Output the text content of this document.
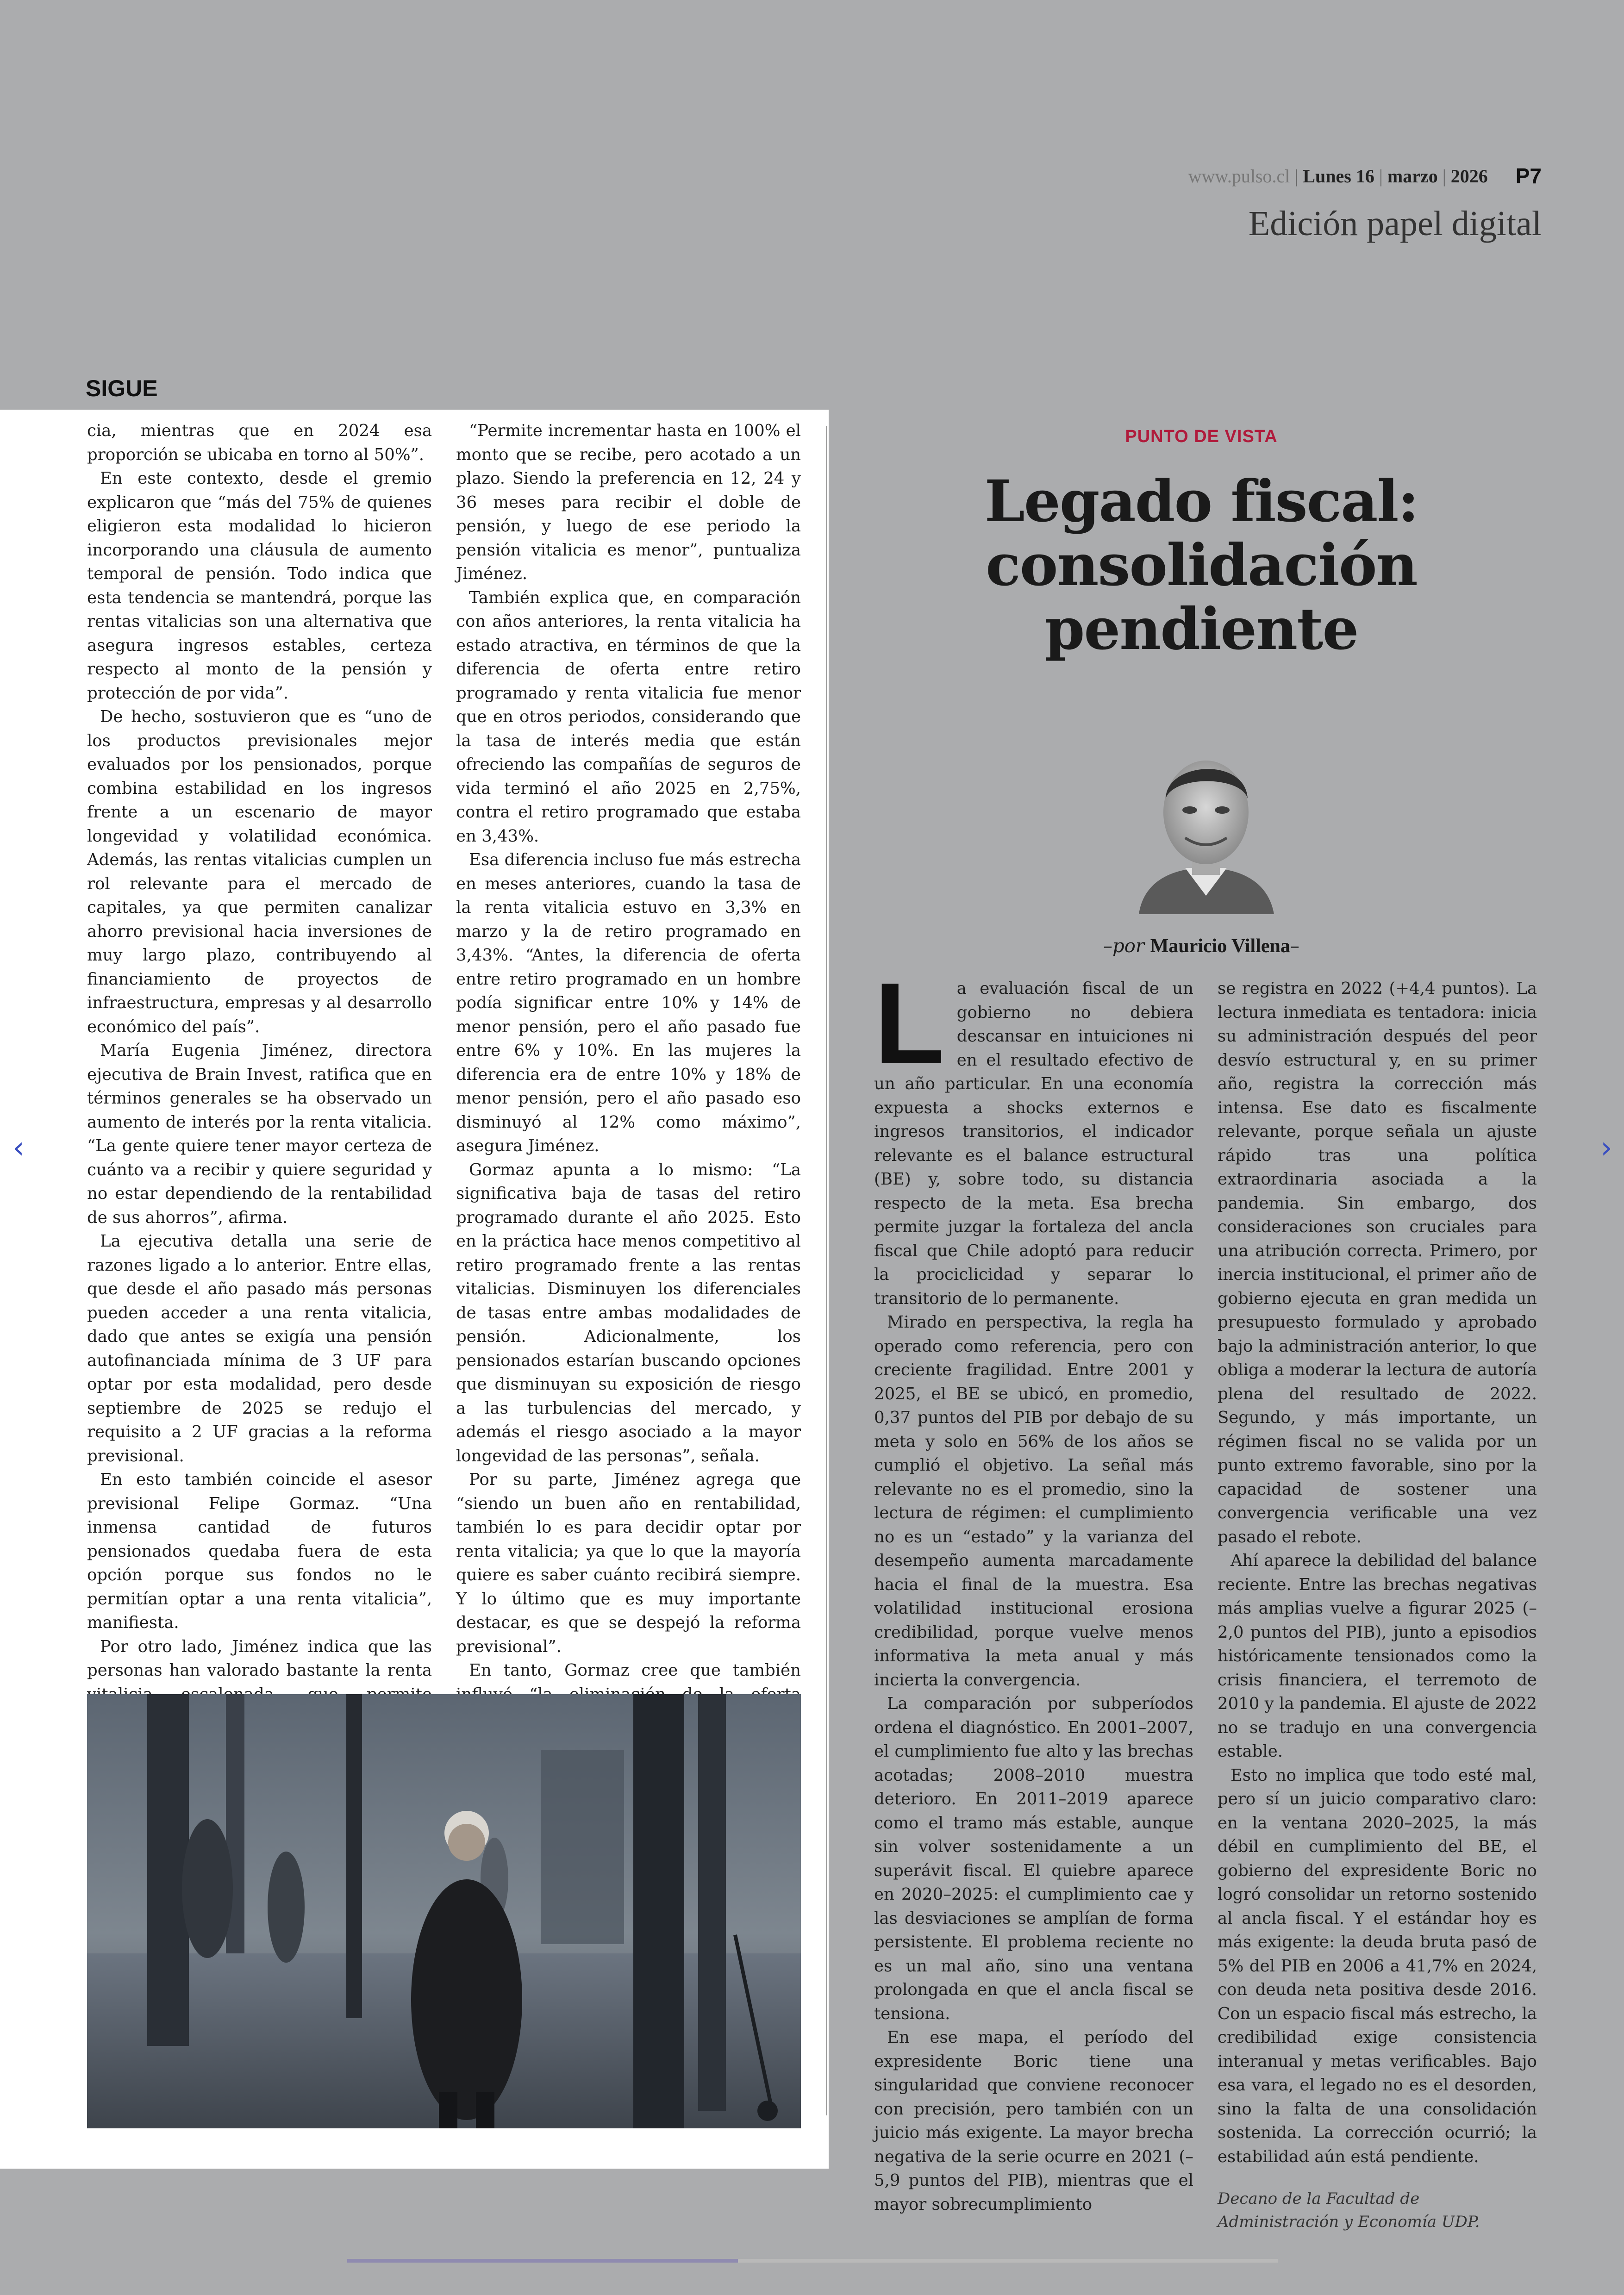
www.pulso.cl | Lunes 16 | marzo | 2026 P7
Edición papel digital
SIGUE

cia, mientras que en 2024 esa proporción se ubicaba en torno al 50%”.

En este contexto, desde el gremio explicaron que “más del 75% de quienes eligieron esta modalidad lo hicieron incorporando una cláusula de aumento temporal de pensión. Todo indica que esta tendencia se mantendrá, porque las rentas vitalicias son una alternativa que asegura ingresos estables, certeza respecto al monto de la pensión y protección de por vida”.

De hecho, sostuvieron que es “uno de los productos previsionales mejor evaluados por los pensionados, porque combina estabilidad en los ingresos frente a un escenario de mayor longevidad y volatilidad económica. Además, las rentas vitalicias cumplen un rol relevante para el mercado de capitales, ya que permiten canalizar ahorro previsional hacia inversiones de muy largo plazo, contribuyendo al financiamiento de proyectos de infraestructura, empresas y al desarrollo económico del país”.

María Eugenia Jiménez, directora ejecutiva de Brain Invest, ratifica que en términos generales se ha observado un aumento de interés por la renta vitalicia. “La gente quiere tener mayor certeza de cuánto va a recibir y quiere seguridad y no estar dependiendo de la rentabilidad de sus ahorros”, afirma.

La ejecutiva detalla una serie de razones ligado a lo anterior. Entre ellas, que desde el año pasado más personas pueden acceder a una renta vitalicia, dado que antes se exigía una pensión autofinanciada mínima de 3 UF para optar por esta modalidad, pero desde septiembre de 2025 se redujo el requisito a 2 UF gracias a la reforma previsional.

En esto también coincide el asesor previsional Felipe Gormaz. “Una inmensa cantidad de futuros pensionados quedaba fuera de esta opción porque sus fondos no le permitían optar a una renta vitalicia”, manifiesta.

Por otro lado, Jiménez indica que las personas han valorado bastante la renta

“Permite incrementar hasta en 100% el monto que se recibe, pero acotado a un plazo. Siendo la preferencia en 12, 24 y 36 meses para recibir el doble de pensión, y luego de ese periodo la pensión vitalicia es menor”, puntualiza Jiménez.

También explica que, en comparación con años anteriores, la renta vitalicia ha estado atractiva, en términos de que la diferencia de oferta entre retiro programado y renta vitalicia fue menor que en otros periodos, considerando que la tasa de interés media que están ofreciendo las compañías de seguros de vida terminó el año 2025 en 2,75%, contra el retiro programado que estaba en 3,43%.

Esa diferencia incluso fue más estrecha en meses anteriores, cuando la tasa de la renta vitalicia estuvo en 3,3% en marzo y la de retiro programado en 3,43%. “Antes, la diferencia de oferta entre retiro programado en un hombre podía significar entre 10% y 14% de menor pensión, pero el año pasado fue entre 6% y 10%. En las mujeres la diferencia era de entre 10% y 18% de menor pensión, pero el año pasado eso disminuyó al 12% como máximo”, asegura Jiménez.

Gormaz apunta a lo mismo: “La significativa baja de tasas del retiro programado durante el año 2025. Esto en la práctica hace menos competitivo al retiro programado frente a las rentas vitalicias. Disminuyen los diferenciales de tasas entre ambas modalidades de pensión. Adicionalmente, los pensionados estarían buscando opciones que disminuyan su exposición de riesgo a las turbulencias del mercado, y además el riesgo asociado a la mayor longevidad de las personas”, señala.

Por su parte, Jiménez agrega que “siendo un buen año en rentabilidad, también lo es para decidir optar por renta vitalicia; ya que lo que la mayoría quiere es saber cuánto recibirá siempre. Y lo último que es muy importante destacar, es que se despejó la reforma previsional”.

En tanto, Gormaz cree que también

PUNTO DE VISTA
Legado fiscal:
consolidación
pendiente
–por Mauricio Villena–

La evaluación fiscal de un gobierno no debiera descansar en intuiciones ni en el resultado efectivo de un año particular. En una economía expuesta a shocks externos e ingresos transitorios, el indicador relevante es el balance estructural (BE) y, sobre todo, su distancia respecto de la meta. Esa brecha permite juzgar la fortaleza del ancla fiscal que Chile adoptó para reducir la prociclicidad y separar lo transitorio de lo permanente.

Mirado en perspectiva, la regla ha operado como referencia, pero con creciente fragilidad. Entre 2001 y 2025, el BE se ubicó, en promedio, 0,37 puntos del PIB por debajo de su meta y solo en 56% de los años se cumplió el objetivo. La señal más relevante no es el promedio, sino la lectura de régimen: el cumplimiento no es un “estado” y la varianza del desempeño aumenta marcadamente hacia el final de la muestra. Esa volatilidad institucional erosiona credibilidad, porque vuelve menos informativa la meta anual y más incierta la convergencia.

La comparación por subperíodos ordena el diagnóstico. En 2001–2007, el cumplimiento fue alto y las brechas acotadas; 2008–2010 muestra deterioro. En 2011–2019 aparece como el tramo más estable, aunque sin volver sostenidamente a un superávit fiscal. El quiebre aparece en 2020–2025: el cumplimiento cae y las desviaciones se amplían de forma persistente. El problema reciente no es un mal año, sino una ventana prolongada en que el ancla fiscal se tensiona.

En ese mapa, el período del expresidente Boric tiene una singularidad que conviene reconocer con precisión, pero también con un juicio más exigente. La mayor brecha negativa de la serie ocurre en 2021 (–5,9 puntos del PIB), mientras que el mayor sobrecumplimiento

se registra en 2022 (+4,4 puntos). La lectura inmediata es tentadora: inicia su administración después del peor desvío estructural y, en su primer año, registra la corrección más intensa. Ese dato es fiscalmente relevante, porque señala un ajuste rápido tras una política extraordinaria asociada a la pandemia. Sin embargo, dos consideraciones son cruciales para una atribución correcta. Primero, por inercia institucional, el primer año de gobierno ejecuta en gran medida un presupuesto formulado y aprobado bajo la administración anterior, lo que obliga a moderar la lectura de autoría plena del resultado de 2022. Segundo, y más importante, un régimen fiscal no se valida por un punto extremo favorable, sino por la capacidad de sostener una convergencia verificable una vez pasado el rebote.

Ahí aparece la debilidad del balance reciente. Entre las brechas negativas más amplias vuelve a figurar 2025 (–2,0 puntos del PIB), junto a episodios históricamente tensionados como la crisis financiera, el terremoto de 2010 y la pandemia. El ajuste de 2022 no se tradujo en una convergencia estable.

Esto no implica que todo esté mal, pero sí un juicio comparativo claro: en la ventana 2020–2025, la más débil en cumplimiento del BE, el gobierno del expresidente Boric no logró consolidar un retorno sostenido al ancla fiscal. Y el estándar hoy es más exigente: la deuda bruta pasó de 5% del PIB en 2006 a 41,7% en 2024, con deuda neta positiva desde 2016. Con un espacio fiscal más estrecho, la credibilidad exige consistencia interanual y metas verificables. Bajo esa vara, el legado no es el desorden, sino la falta de una consolidación sostenida. La corrección ocurrió; la estabilidad aún está pendiente.

Decano de la Facultad de Administración y Economía UDP.

‹	›
